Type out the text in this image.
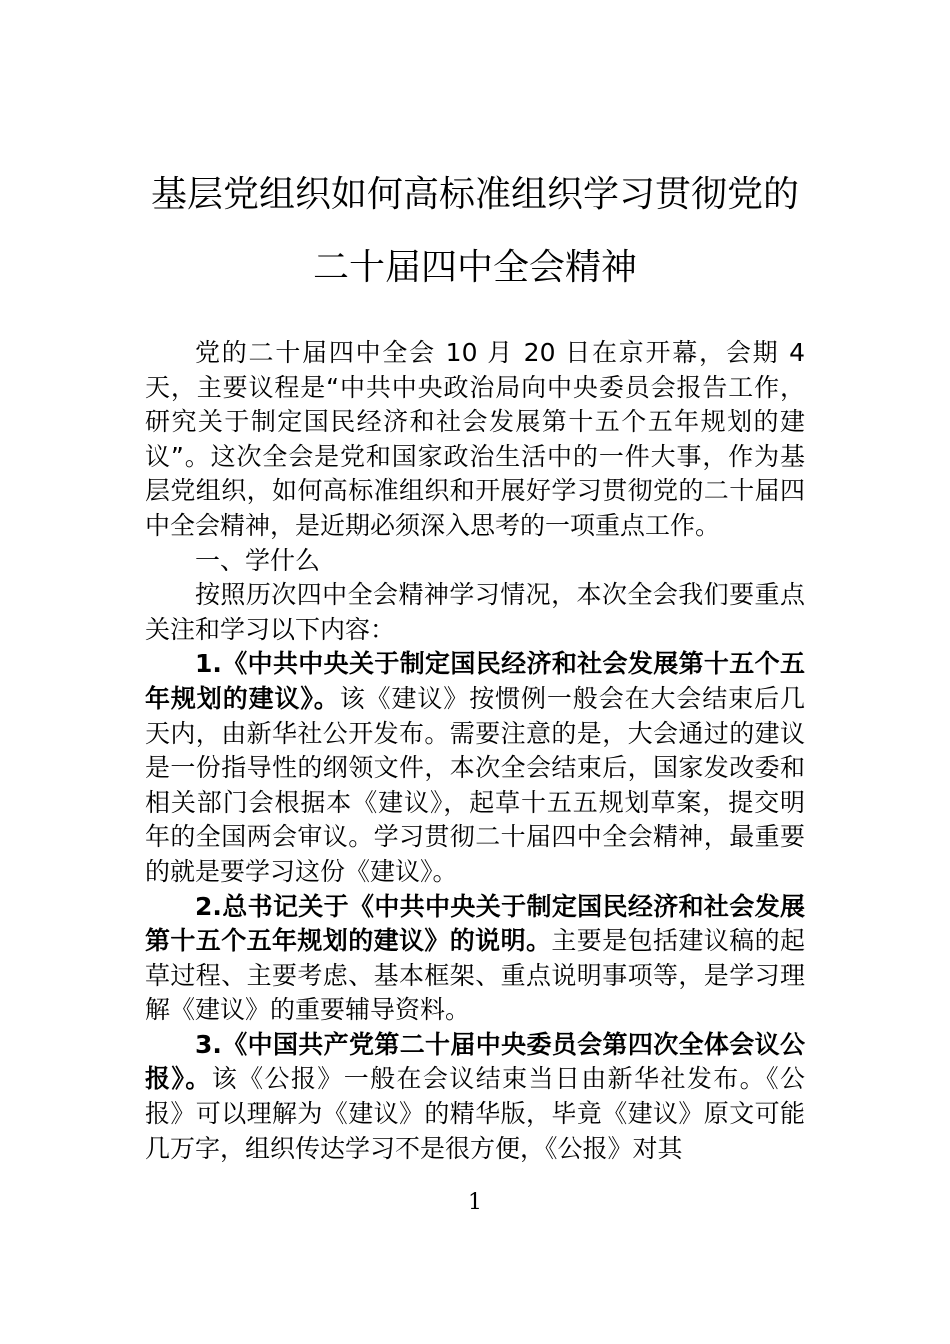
基层党组织如何高标准组织学习贯彻党的
二十届四中全会精神

党的二十届四中全会 10 月 20 日在京开幕，会期 4 天，主要议程是“中共中央政治局向中央委员会报告工作，研究关于制定国民经济和社会发展第十五个五年规划的建议”。这次全会是党和国家政治生活中的一件大事，作为基层党组织，如何高标准组织和开展好学习贯彻党的二十届四中全会精神，是近期必须深入思考的一项重点工作。

一、学什么

按照历次四中全会精神学习情况，本次全会我们要重点关注和学习以下内容：

1.《中共中央关于制定国民经济和社会发展第十五个五年规划的建议》。该《建议》按惯例一般会在大会结束后几天内，由新华社公开发布。需要注意的是，大会通过的建议是一份指导性的纲领文件，本次全会结束后，国家发改委和相关部门会根据本《建议》，起草十五五规划草案，提交明年的全国两会审议。学习贯彻二十届四中全会精神，最重要的就是要学习这份《建议》。

2.总书记关于《中共中央关于制定国民经济和社会发展第十五个五年规划的建议》的说明。主要是包括建议稿的起草过程、主要考虑、基本框架、重点说明事项等，是学习理解《建议》的重要辅导资料。

3.《中国共产党第二十届中央委员会第四次全体会议公报》。该《公报》一般在会议结束当日由新华社发布。《公报》可以理解为《建议》的精华版，毕竟《建议》原文可能几万字，组织传达学习不是很方便，《公报》对其

1
